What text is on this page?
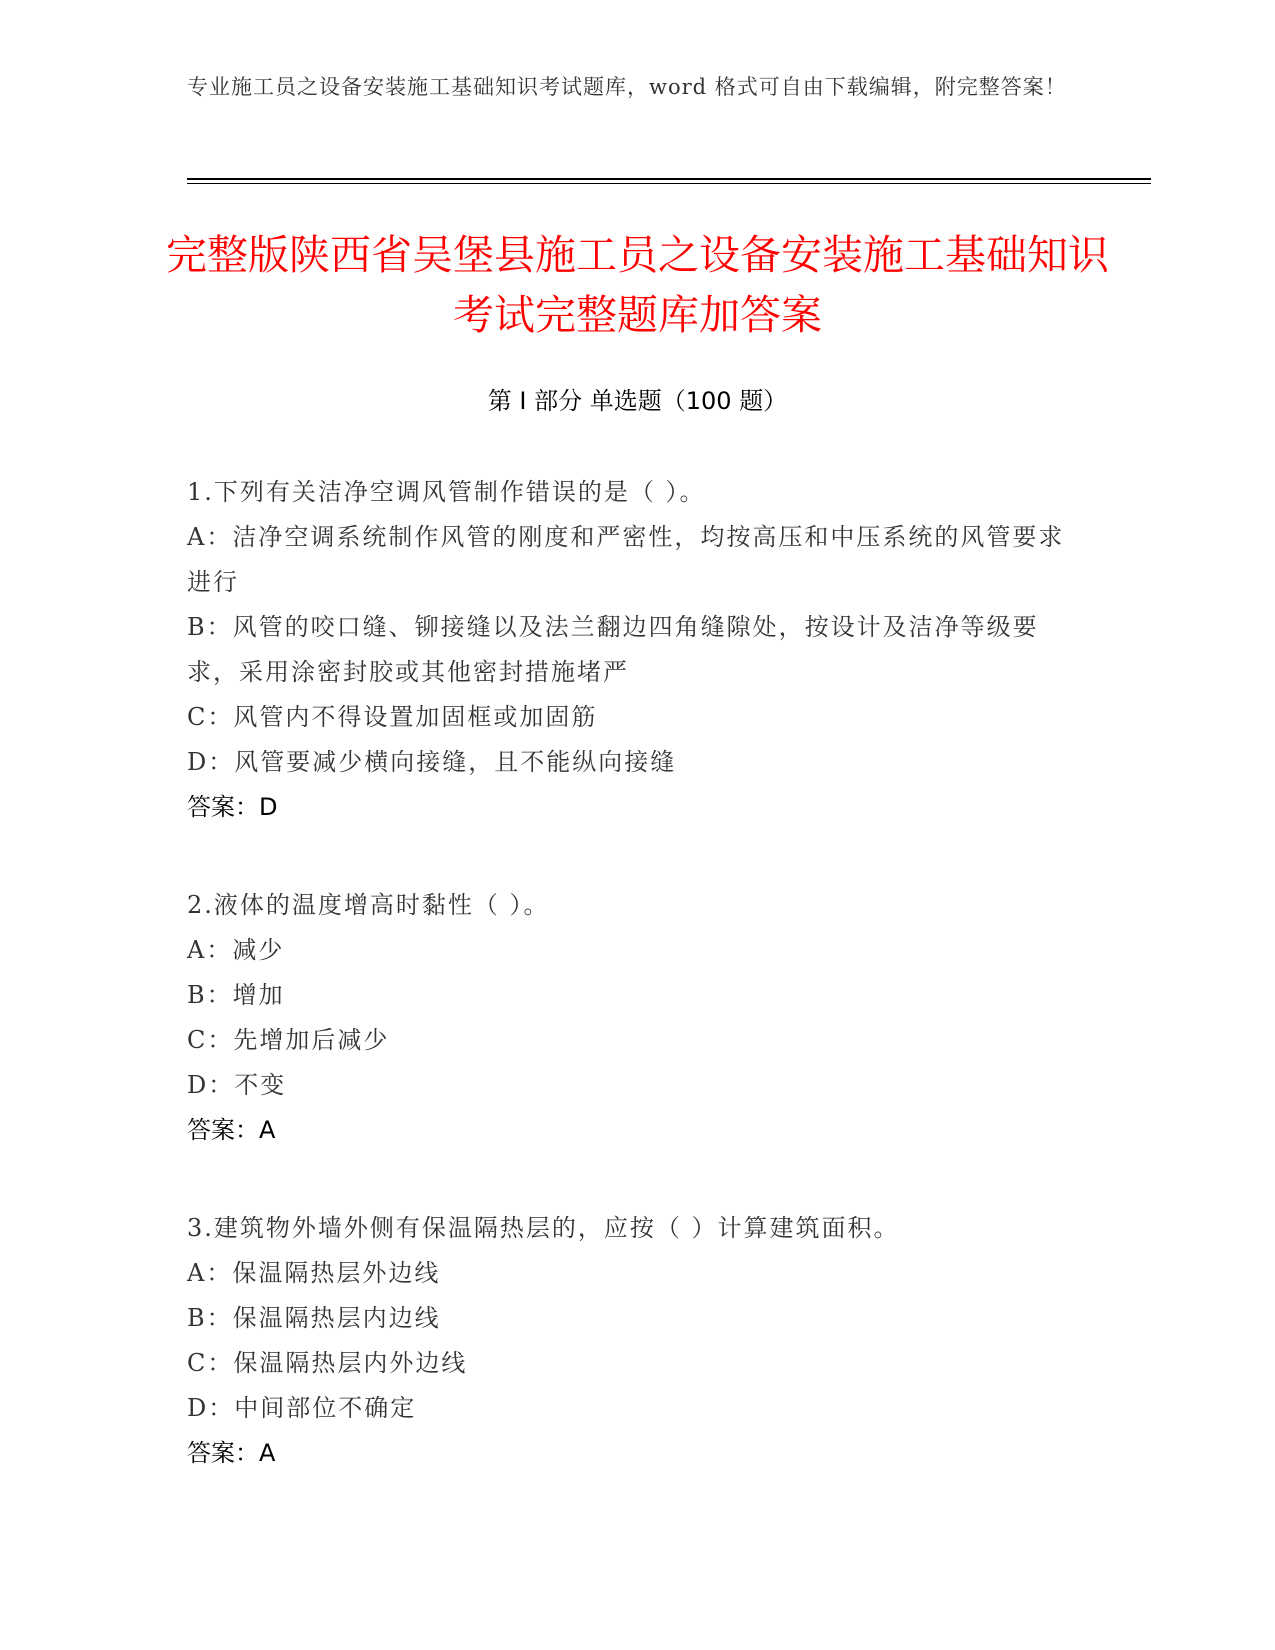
专业施工员之设备安装施工基础知识考试题库，word 格式可自由下载编辑，附完整答案！
完整版陕西省吴堡县施工员之设备安装施工基础知识考试完整题库加答案
第 I 部分 单选题（100 题）
1.下列有关洁净空调风管制作错误的是（ ）。
A：洁净空调系统制作风管的刚度和严密性，均按高压和中压系统的风管要求进行
B：风管的咬口缝、铆接缝以及法兰翻边四角缝隙处，按设计及洁净等级要求，采用涂密封胶或其他密封措施堵严
C：风管内不得设置加固框或加固筋
D：风管要减少横向接缝，且不能纵向接缝
答案：D
2.液体的温度增高时黏性（ ）。
A：减少
B：增加
C：先增加后减少
D：不变
答案：A
3.建筑物外墙外侧有保温隔热层的，应按（ ）计算建筑面积。
A：保温隔热层外边线
B：保温隔热层内边线
C：保温隔热层内外边线
D：中间部位不确定
答案：A
